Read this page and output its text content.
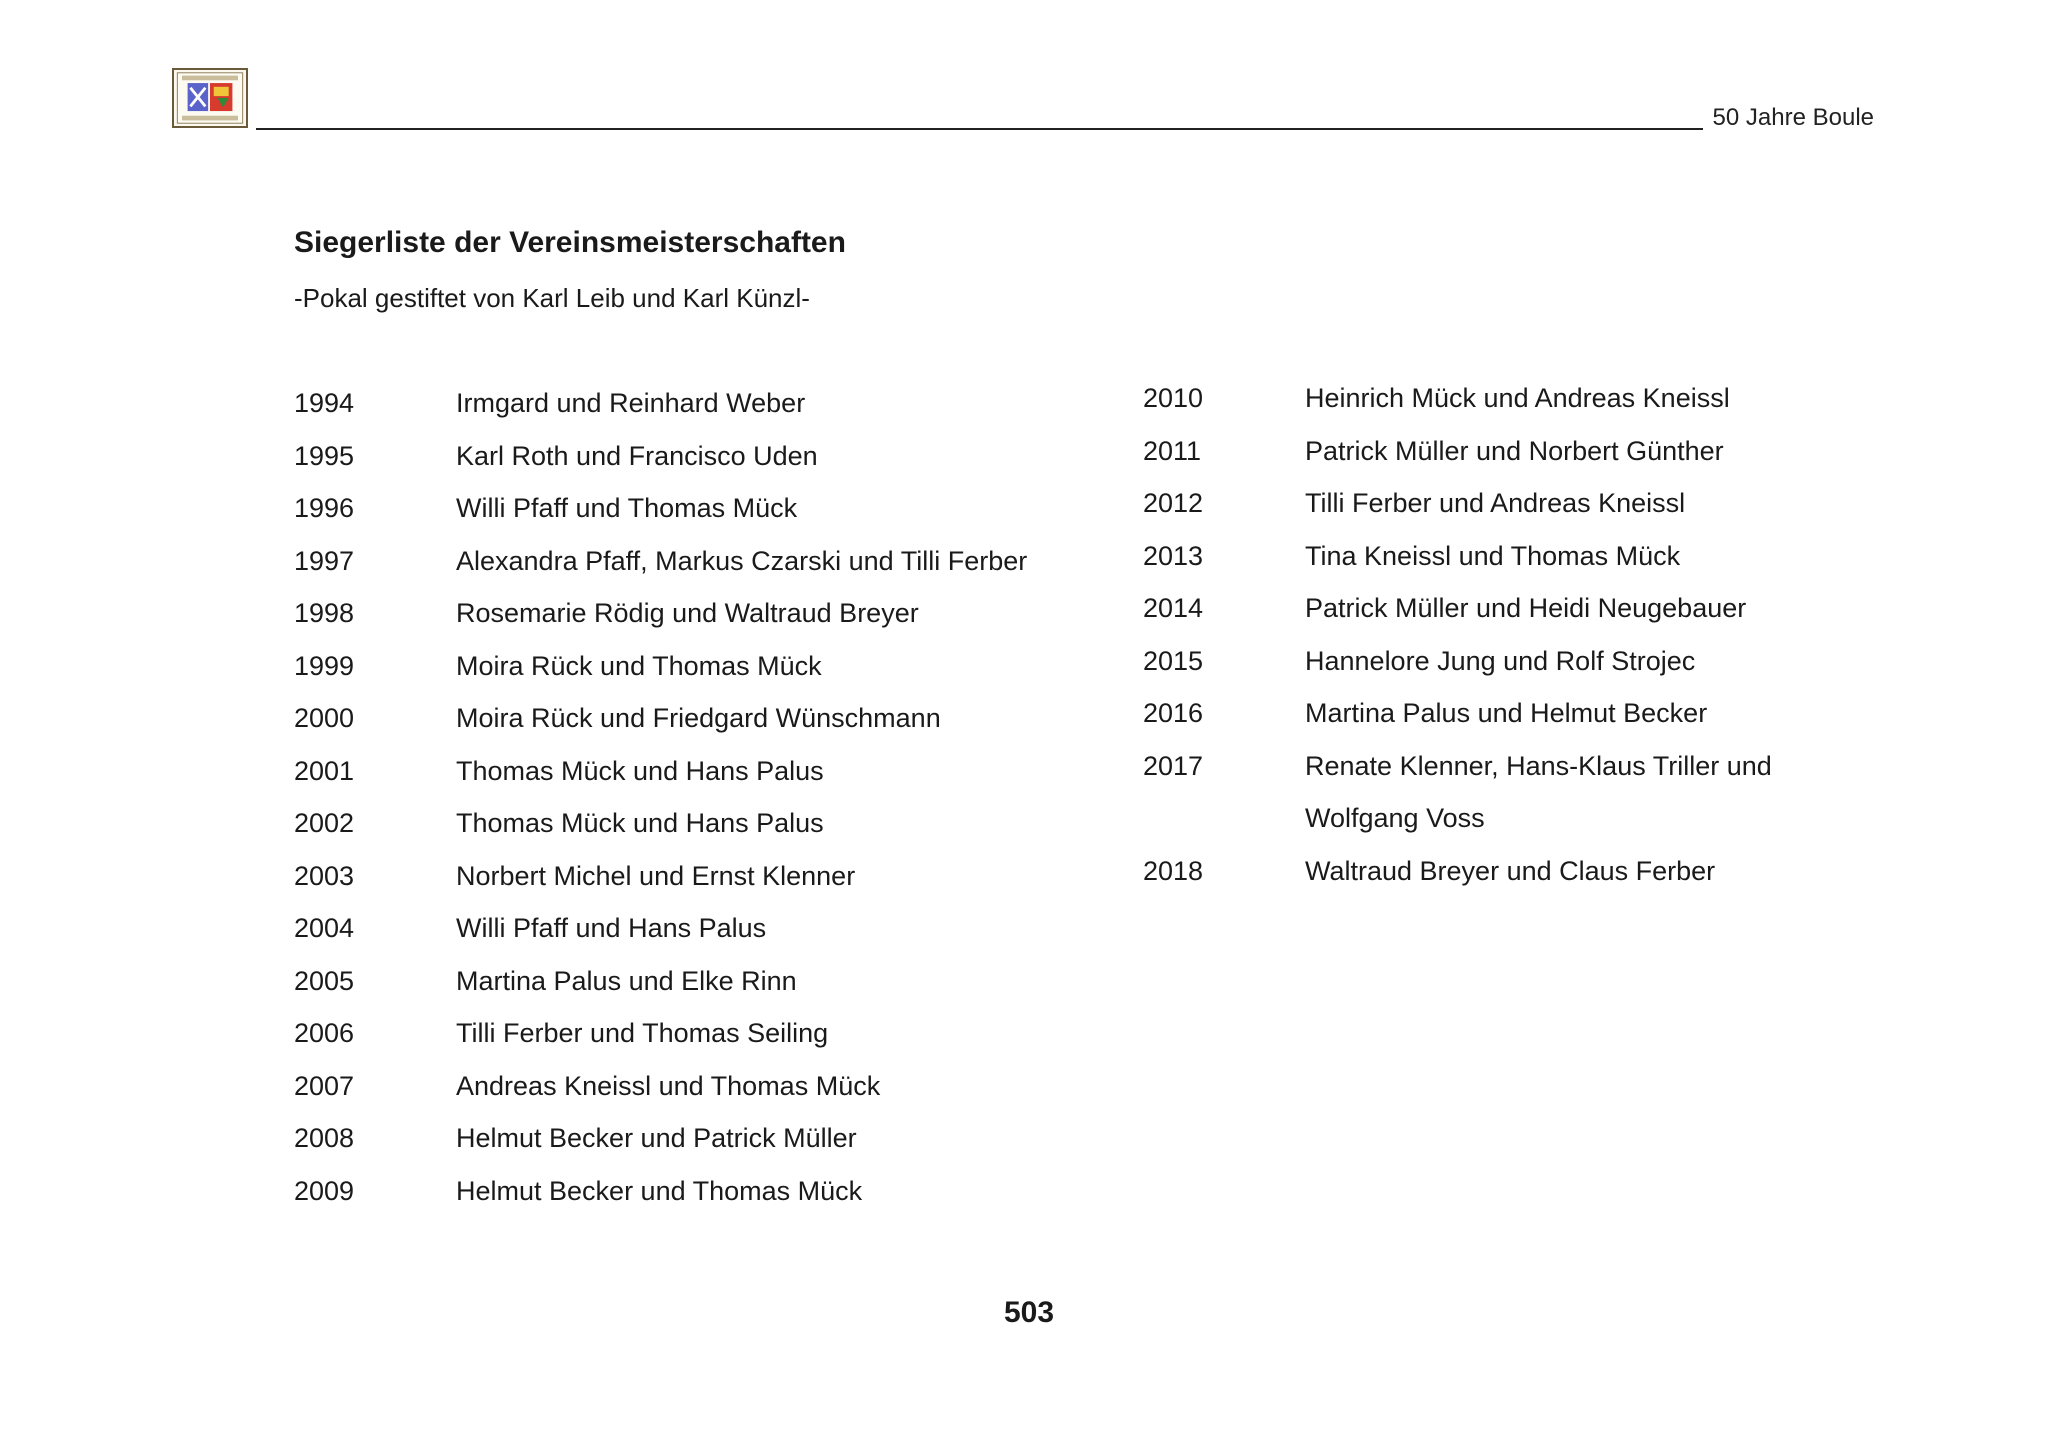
50 Jahre Boule
Siegerliste der Vereinsmeisterschaften
-Pokal gestiftet von Karl Leib und Karl Künzl-
1994	Irmgard und Reinhard Weber
1995	Karl Roth und Francisco Uden
1996	Willi Pfaff und Thomas Mück
1997	Alexandra Pfaff, Markus Czarski und Tilli Ferber
1998	Rosemarie Rödig und Waltraud Breyer
1999	Moira Rück und Thomas Mück
2000	Moira Rück und Friedgard Wünschmann
2001	Thomas Mück und Hans Palus
2002	Thomas Mück und Hans Palus
2003	Norbert Michel und Ernst Klenner
2004	Willi Pfaff und Hans Palus
2005	Martina Palus und Elke Rinn
2006	Tilli Ferber und Thomas Seiling
2007	Andreas Kneissl und Thomas Mück
2008	Helmut Becker und Patrick Müller
2009	Helmut Becker und Thomas Mück
2010	Heinrich Mück und Andreas Kneissl
2011	Patrick Müller und Norbert Günther
2012	Tilli Ferber und Andreas Kneissl
2013	Tina Kneissl und Thomas Mück
2014	Patrick Müller und Heidi Neugebauer
2015	Hannelore Jung und Rolf Strojec
2016	Martina Palus und Helmut Becker
2017	Renate Klenner, Hans-Klaus Triller und
Wolfgang Voss
2018	Waltraud Breyer und Claus Ferber
503
